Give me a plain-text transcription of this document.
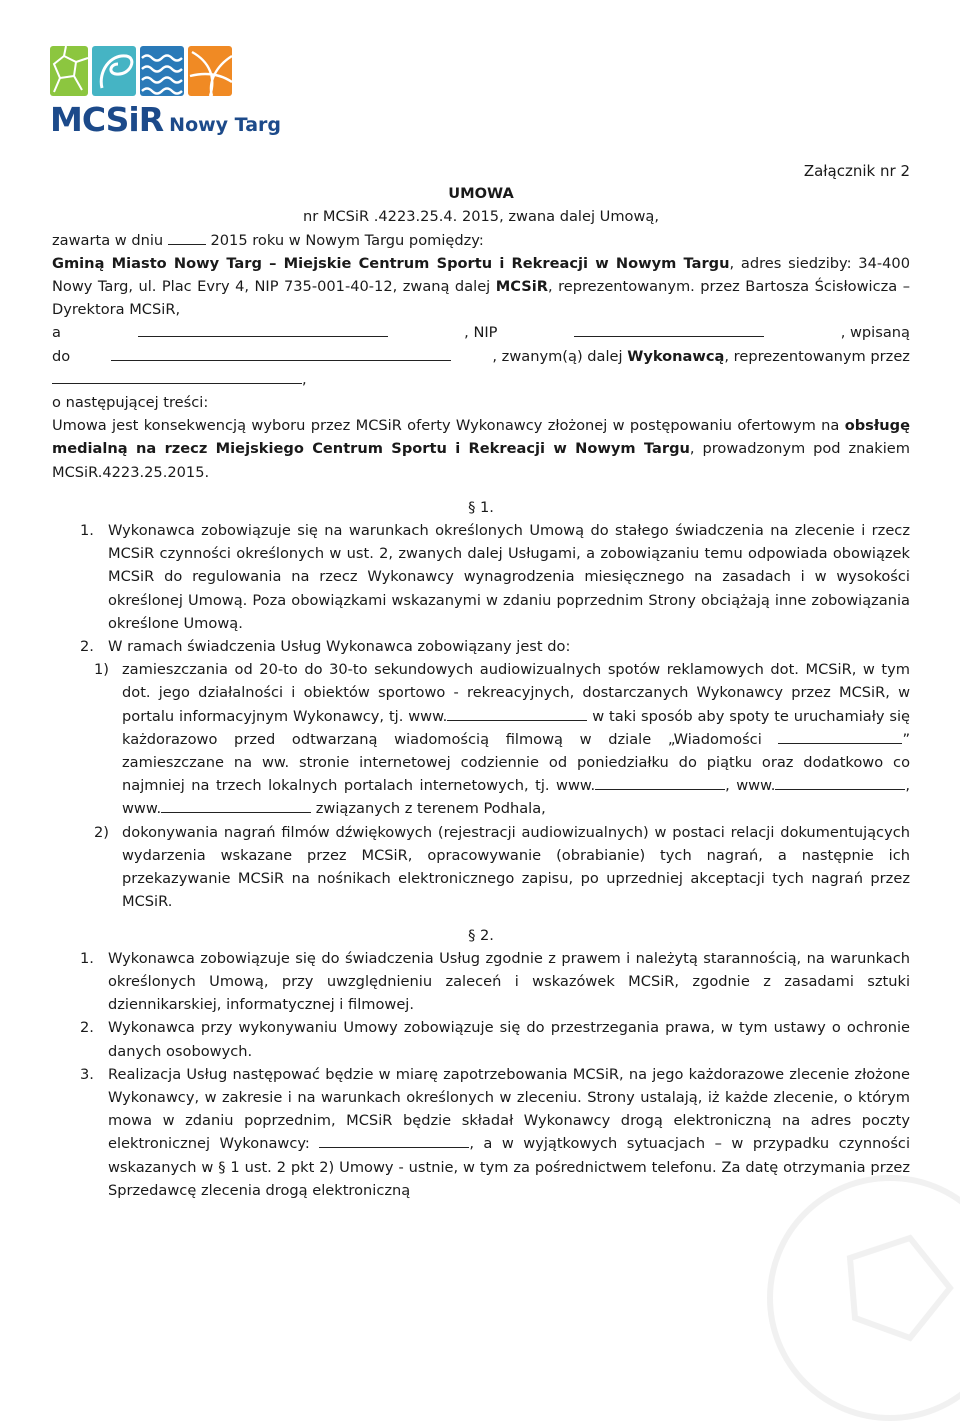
MCSiR Nowy Targ

Załącznik nr 2

UMOWA

nr MCSiR .4223.25.4. 2015, zwana dalej Umową,

zawarta w dniu	2015 roku w Nowym Targu pomiędzy:

Gminą Miasto Nowy Targ – Miejskie Centrum Sportu i Rekreacji w Nowym Targu, adres siedziby: 34-400 Nowy Targ, ul. Plac Evry 4, NIP 735-001-40-12, zwaną dalej MCSiR, reprezentowanym. przez Bartosza Ścisłowicza – Dyrektora MCSiR,

a	, NIP	, wpisaną

do	, zwanym(ą) dalej Wykonawcą, reprezentowanym przez

,

o następującej treści:

Umowa jest konsekwencją wyboru przez MCSiR oferty Wykonawcy złożonej w postępowaniu ofertowym na obsługę medialną na rzecz Miejskiego Centrum Sportu i Rekreacji w Nowym Targu, prowadzonym pod znakiem MCSiR.4223.25.2015.

§ 1.

1. Wykonawca zobowiązuje się na warunkach określonych Umową do stałego świadczenia na zlecenie i rzecz MCSiR czynności określonych w ust. 2, zwanych dalej Usługami, a zobowiązaniu temu odpowiada obowiązek MCSiR do regulowania na rzecz Wykonawcy wynagrodzenia miesięcznego na zasadach i w wysokości określonej Umową. Poza obowiązkami wskazanymi w zdaniu poprzednim Strony obciążają inne zobowiązania określone Umową.
2. W ramach świadczenia Usług Wykonawca zobowiązany jest do:
1) zamieszczania od 20-to do 30-to sekundowych audiowizualnych spotów reklamowych dot. MCSiR, w tym dot. jego działalności i obiektów sportowo - rekreacyjnych, dostarczanych Wykonawcy przez MCSiR, w portalu informacyjnym Wykonawcy, tj. www.	w taki sposób aby spoty te uruchamiały się każdorazowo przed odtwarzaną wiadomością filmową w dziale „Wiadomości	” zamieszczane na ww. stronie internetowej codziennie od poniedziałku do piątku oraz dodatkowo co najmniej na trzech lokalnych portalach internetowych, tj. www.	, www.	, www.	związanych z terenem Podhala,
2) dokonywania nagrań filmów dźwiękowych (rejestracji audiowizualnych) w postaci relacji dokumentujących wydarzenia wskazane przez MCSiR, opracowywanie (obrabianie) tych nagrań, a następnie ich przekazywanie MCSiR na nośnikach elektronicznego zapisu, po uprzedniej akceptacji tych nagrań przez MCSiR.

§ 2.

1. Wykonawca zobowiązuje się do świadczenia Usług zgodnie z prawem i należytą starannością, na warunkach określonych Umową, przy uwzględnieniu zaleceń i wskazówek MCSiR, zgodnie z zasadami sztuki dziennikarskiej, informatycznej i filmowej.
2. Wykonawca przy wykonywaniu Umowy zobowiązuje się do przestrzegania prawa, w tym ustawy o ochronie danych osobowych.
3. Realizacja Usług następować będzie w miarę zapotrzebowania MCSiR, na jego każdorazowe zlecenie złożone Wykonawcy, w zakresie i na warunkach określonych w zleceniu. Strony ustalają, iż każde zlecenie, o którym mowa w zdaniu poprzednim, MCSiR będzie składał Wykonawcy drogą elektroniczną na adres poczty elektronicznej Wykonawcy:	, a w wyjątkowych sytuacjach – w przypadku czynności wskazanych w § 1 ust. 2 pkt 2) Umowy - ustnie, w tym za pośrednictwem telefonu. Za datę otrzymania przez Sprzedawcę zlecenia drogą elektroniczną
